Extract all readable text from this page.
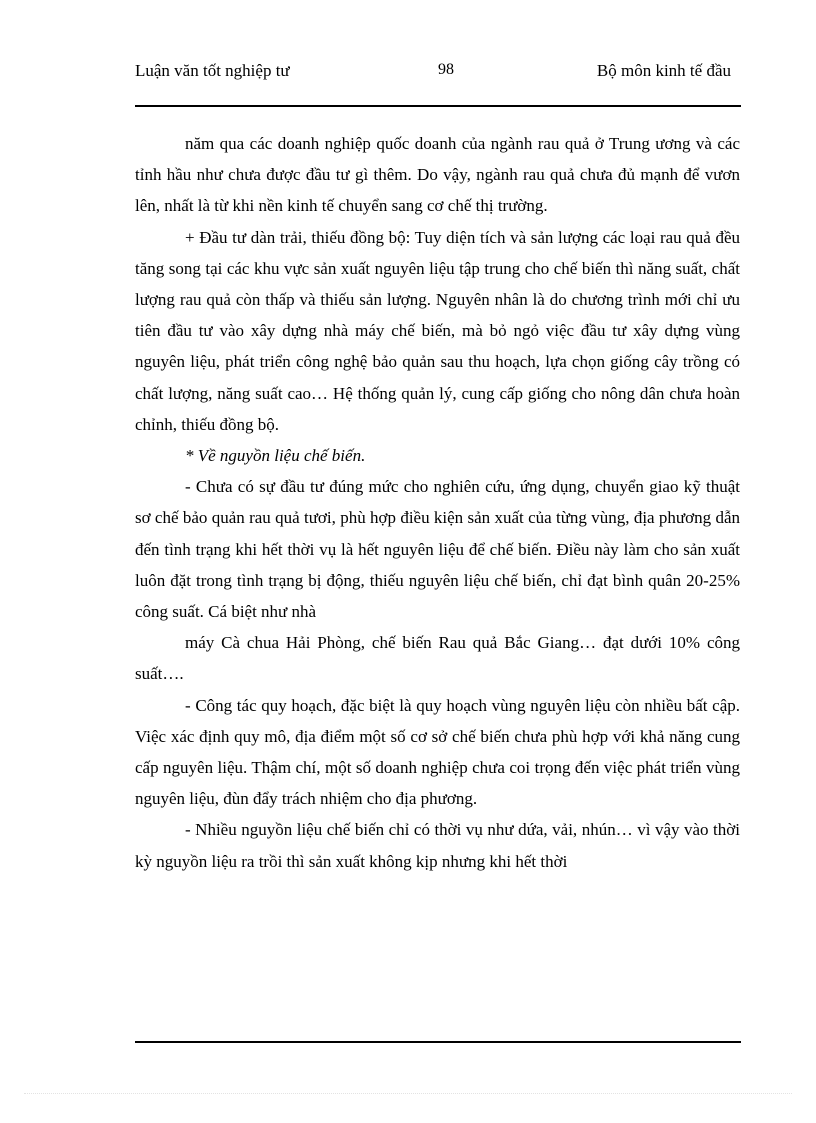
Luận văn tốt nghiệp tư	98	Bộ môn kinh tế đầu

năm qua các doanh nghiệp quốc doanh của ngành rau quả ở Trung ương và các tỉnh hầu như chưa được đầu tư gì thêm. Do vậy, ngành rau quả chưa đủ mạnh để vươn lên, nhất là từ khi nền kinh tế chuyển sang cơ chế thị trường.

+ Đầu tư dàn trải, thiếu đồng bộ: Tuy diện tích và sản lượng các loại rau quả đều tăng song tại các khu vực sản xuất nguyên liệu tập trung cho chế biến thì năng suất, chất lượng rau quả còn thấp và thiếu sản lượng. Nguyên nhân là do chương trình mới chỉ ưu tiên đầu tư vào xây dựng nhà máy chế biến, mà bỏ ngỏ việc đầu tư xây dựng vùng nguyên liệu, phát triển công nghệ bảo quản sau thu hoạch, lựa chọn giống cây trồng có chất lượng, năng suất cao… Hệ thống quản lý, cung cấp giống cho nông dân chưa hoàn chỉnh, thiếu đồng bộ.

* Về nguyồn liệu chế biến.

- Chưa có sự đầu tư đúng mức cho nghiên cứu, ứng dụng, chuyển giao kỹ thuật sơ chế bảo quản rau quả tươi, phù hợp điều kiện sản xuất của từng vùng, địa phương dẫn đến tình trạng khi hết thời vụ là hết nguyên liệu để chế biến. Điều này làm cho sản xuất luôn đặt trong tình trạng bị động, thiếu nguyên liệu chế biến, chỉ đạt bình quân 20-25% công suất. Cá biệt như nhà

máy Cà chua Hải Phòng, chế biến Rau quả Bắc Giang… đạt dưới 10% công suất….

- Công tác quy hoạch, đặc biệt là quy hoạch vùng nguyên liệu còn nhiều bất cập. Việc xác định quy mô, địa điểm một số cơ sở chế biến chưa phù hợp với khả năng cung cấp nguyên liệu. Thậm chí, một số doanh nghiệp chưa coi trọng đến việc phát triển vùng nguyên liệu, đùn đẩy trách nhiệm cho địa phương.

- Nhiều nguyồn liệu chế biến chỉ có thời vụ như dứa, vải, nhún… vì vậy vào thời kỳ nguyồn liệu ra trồi thì sản xuất không kịp nhưng khi hết thời
